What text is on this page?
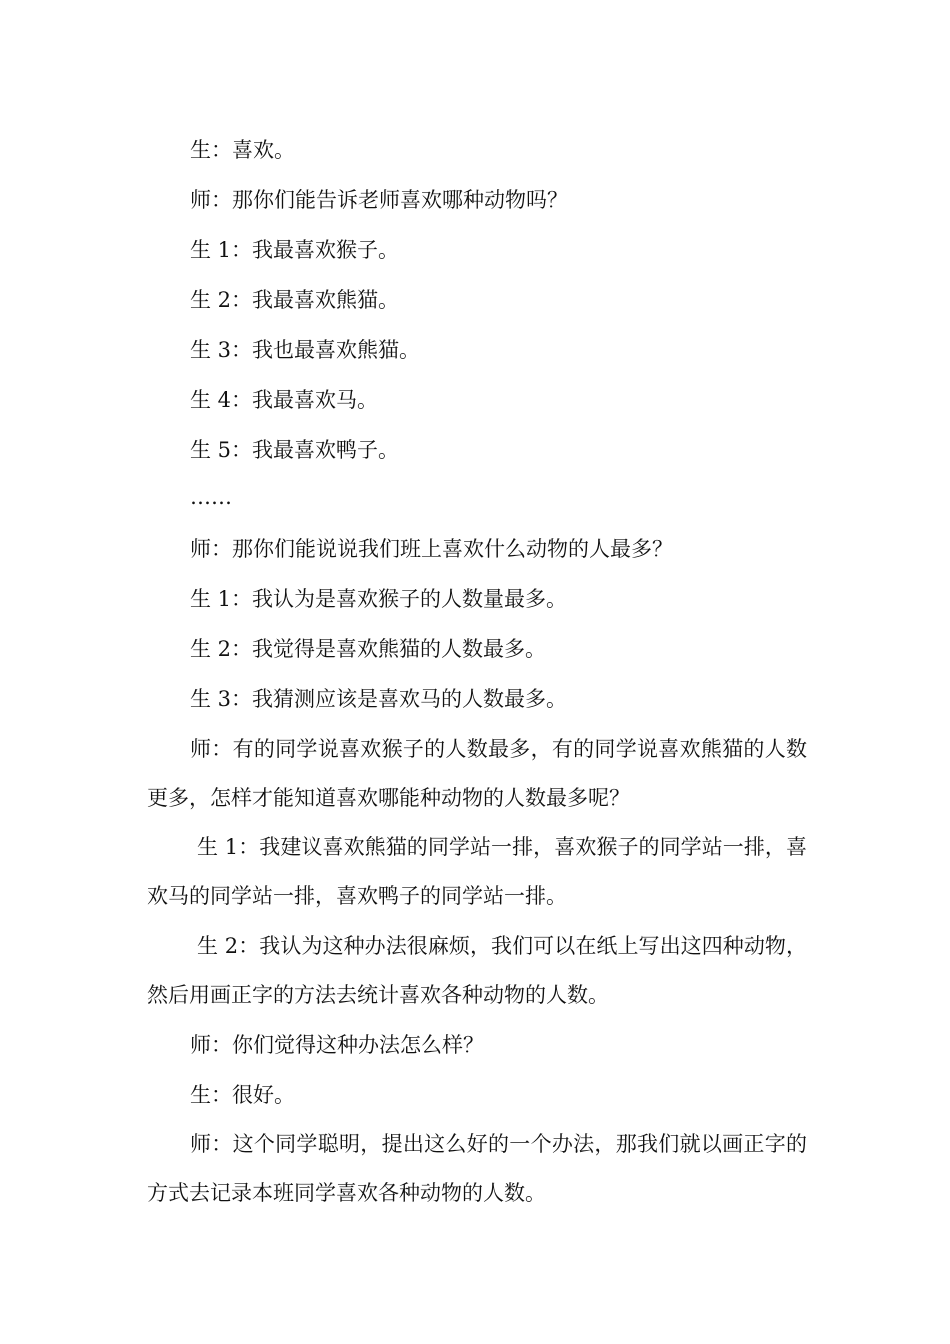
生：喜欢。

师：那你们能告诉老师喜欢哪种动物吗？

生 1：我最喜欢猴子。

生 2：我最喜欢熊猫。

生 3：我也最喜欢熊猫。

生 4：我最喜欢马。

生 5：我最喜欢鸭子。

……

师：那你们能说说我们班上喜欢什么动物的人最多？

生 1：我认为是喜欢猴子的人数量最多。

生 2：我觉得是喜欢熊猫的人数最多。

生 3：我猜测应该是喜欢马的人数最多。

师：有的同学说喜欢猴子的人数最多，有的同学说喜欢熊猫的人数更多，怎样才能知道喜欢哪能种动物的人数最多呢？

生 1：我建议喜欢熊猫的同学站一排，喜欢猴子的同学站一排，喜欢马的同学站一排，喜欢鸭子的同学站一排。

生 2：我认为这种办法很麻烦，我们可以在纸上写出这四种动物，然后用画正字的方法去统计喜欢各种动物的人数。

师：你们觉得这种办法怎么样？

生：很好。

师：这个同学聪明，提出这么好的一个办法，那我们就以画正字的方式去记录本班同学喜欢各种动物的人数。
